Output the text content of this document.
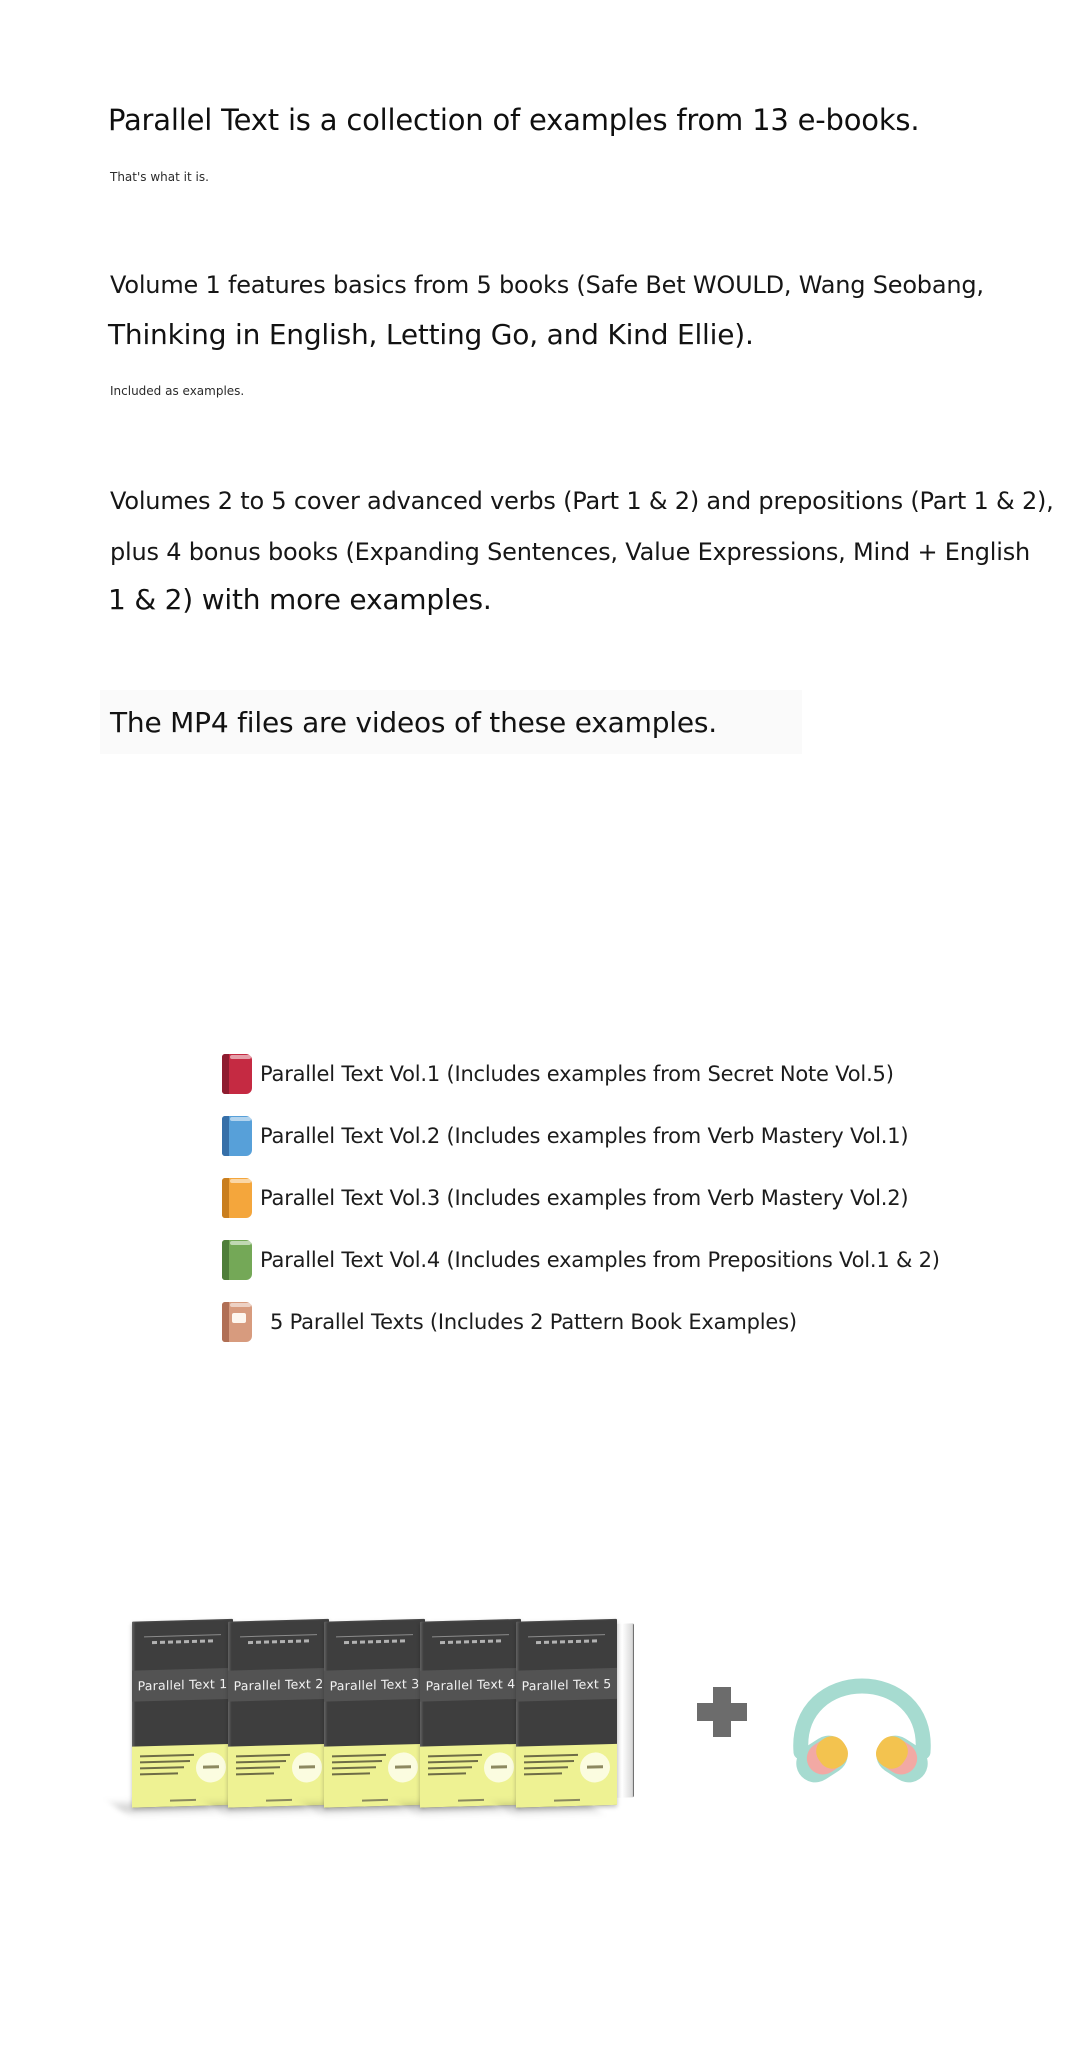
Parallel Text is a collection of examples from 13 e-books.
That's what it is.
Volume 1 features basics from 5 books (Safe Bet WOULD, Wang Seobang,
Thinking in English, Letting Go, and Kind Ellie).
Included as examples.
Volumes 2 to 5 cover advanced verbs (Part 1 & 2) and prepositions (Part 1 & 2),
plus 4 bonus books (Expanding Sentences, Value Expressions, Mind + English
1 & 2) with more examples.
The MP4 files are videos of these examples.
Parallel Text Vol.1 (Includes examples from Secret Note Vol.5)
Parallel Text Vol.2 (Includes examples from Verb Mastery Vol.1)
Parallel Text Vol.3 (Includes examples from Verb Mastery Vol.2)
Parallel Text Vol.4 (Includes examples from Prepositions Vol.1 & 2)
5 Parallel Texts (Includes 2 Pattern Book Examples)
Parallel Text 1 Parallel Text 2 Parallel Text 3 Parallel Text 4 Parallel Text 5
